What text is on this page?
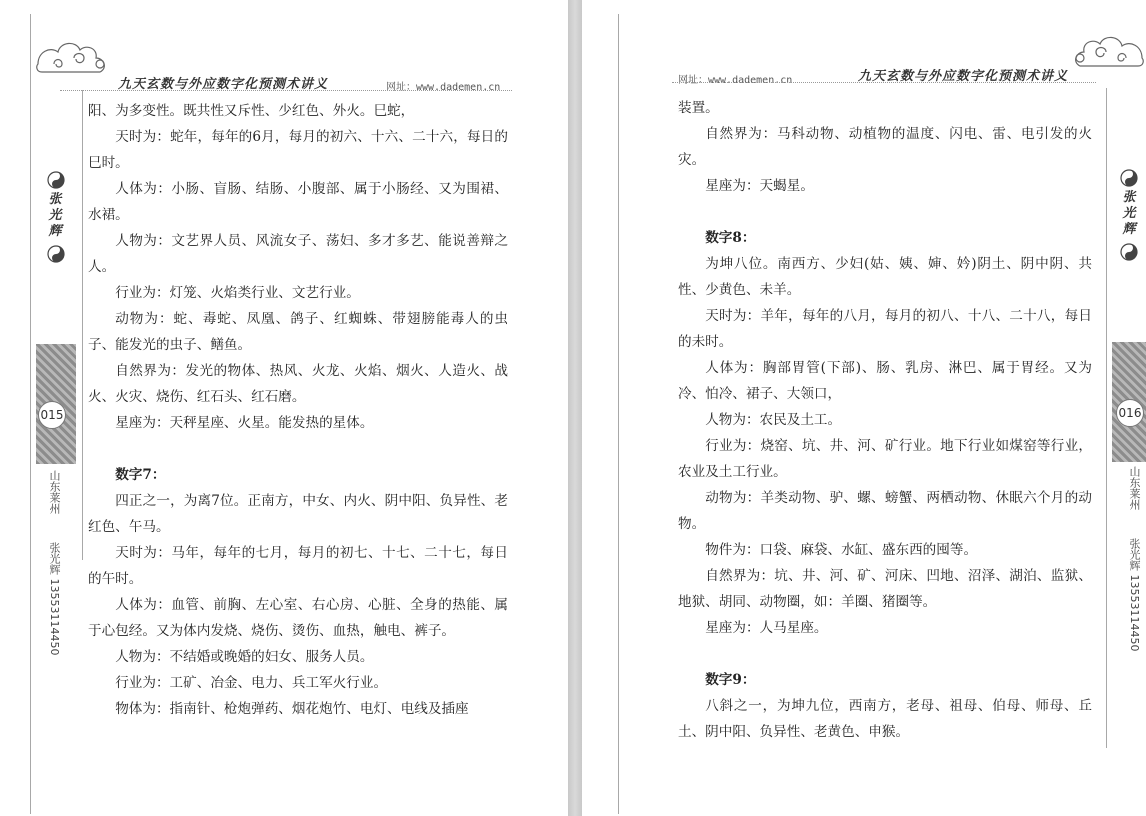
九天玄数与外应数字化预测术讲义	网址：www.dademen.cn
张光辉
015
山东莱州
张光辉 13553114450

阳、为多变性。既共性又斥性、少红色、外火。巳蛇，

天时为：蛇年，每年的6月，每月的初六、十六、二十六，每日的巳时。

人体为：小肠、盲肠、结肠、小腹部、属于小肠经、又为围裙、水裙。

人物为：文艺界人员、风流女子、荡妇、多才多艺、能说善辩之人。

行业为：灯笼、火焰类行业、文艺行业。

动物为：蛇、毒蛇、凤凰、鸽子、红蜘蛛、带翅膀能毒人的虫子、能发光的虫子、鳝鱼。

自然界为：发光的物体、热风、火龙、火焰、烟火、人造火、战火、火灾、烧伤、红石头、红石磨。

星座为：天秤星座、火星。能发热的星体。

数字7：

四正之一，为离7位。正南方，中女、内火、阴中阳、负异性、老红色、午马。

天时为：马年，每年的七月，每月的初七、十七、二十七，每日的午时。

人体为：血管、前胸、左心室、右心房、心脏、全身的热能、属于心包经。又为体内发烧、烧伤、烫伤、血热，触电、裤子。

人物为：不结婚或晚婚的妇女、服务人员。

行业为：工矿、冶金、电力、兵工军火行业。

物体为：指南针、枪炮弹药、烟花炮竹、电灯、电线及插座

网址：www.dademen.cn	九天玄数与外应数字化预测术讲义
张光辉
016
山东莱州
张光辉 13553114450

装置。

自然界为：马科动物、动植物的温度、闪电、雷、电引发的火灾。

星座为：天蝎星。

数字8：

为坤八位。南西方、少妇(姑、姨、婶、妗)阴土、阴中阴、共性、少黄色、未羊。

天时为：羊年，每年的八月，每月的初八、十八、二十八，每日的未时。

人体为：胸部胃管(下部)、肠、乳房、淋巴、属于胃经。又为冷、怕冷、裙子、大领口，

人物为：农民及土工。

行业为：烧窑、坑、井、河、矿行业。地下行业如煤窑等行业，农业及土工行业。

动物为：羊类动物、驴、螺、螃蟹、两栖动物、休眠六个月的动物。

物件为：口袋、麻袋、水缸、盛东西的囤等。

自然界为：坑、井、河、矿、河床、凹地、沼泽、湖泊、监狱、地狱、胡同、动物圈，如：羊圈、猪圈等。

星座为：人马星座。

数字9：

八斜之一，为坤九位，西南方，老母、祖母、伯母、师母、丘土、阴中阳、负异性、老黄色、申猴。
